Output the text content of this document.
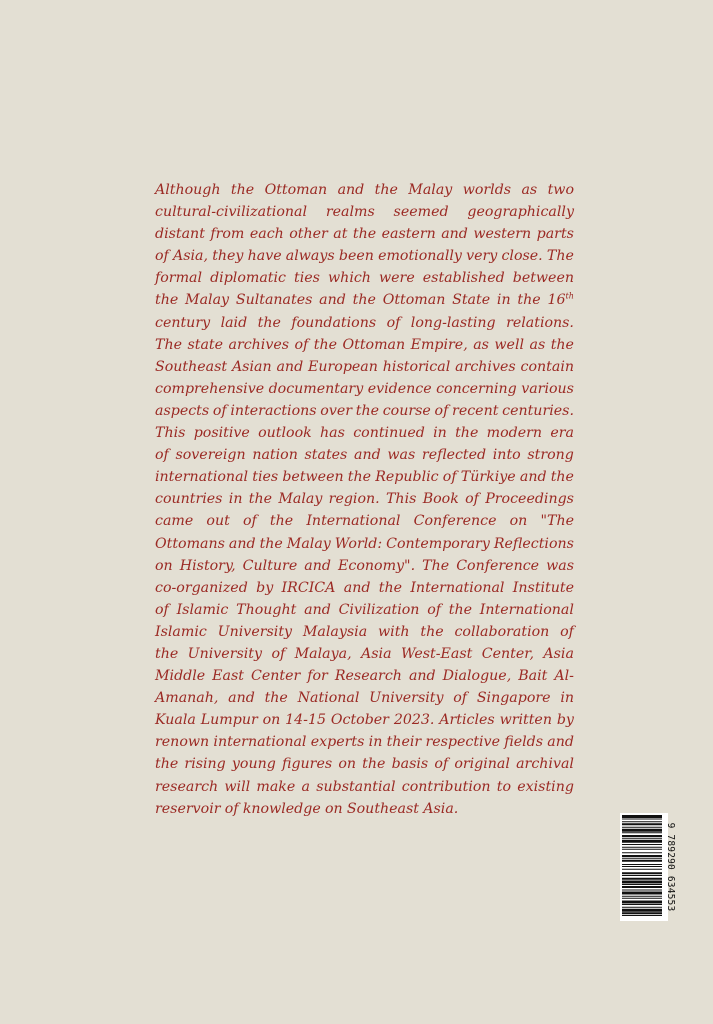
Although the Ottoman and the Malay worlds as two
cultural-civilizational realms seemed geographically
distant from each other at the eastern and western parts
of Asia, they have always been emotionally very close. The
formal diplomatic ties which were established between
the Malay Sultanates and the Ottoman State in the 16th
century laid the foundations of long-lasting relations.
The state archives of the Ottoman Empire, as well as the
Southeast Asian and European historical archives contain
comprehensive documentary evidence concerning various
aspects of interactions over the course of recent centuries.
This positive outlook has continued in the modern era
of sovereign nation states and was reflected into strong
international ties between the Republic of Türkiye and the
countries in the Malay region. This Book of Proceedings
came out of the International Conference on "The
Ottomans and the Malay World: Contemporary Reflections
on History, Culture and Economy". The Conference was
co-organized by IRCICA and the International Institute
of Islamic Thought and Civilization of the International
Islamic University Malaysia with the collaboration of
the University of Malaya, Asia West-East Center, Asia
Middle East Center for Research and Dialogue, Bait Al-
Amanah, and the National University of Singapore in
Kuala Lumpur on 14-15 October 2023. Articles written by
renown international experts in their respective fields and
the rising young figures on the basis of original archival
research will make a substantial contribution to existing
reservoir of knowledge on Southeast Asia.
9 789290 634553
